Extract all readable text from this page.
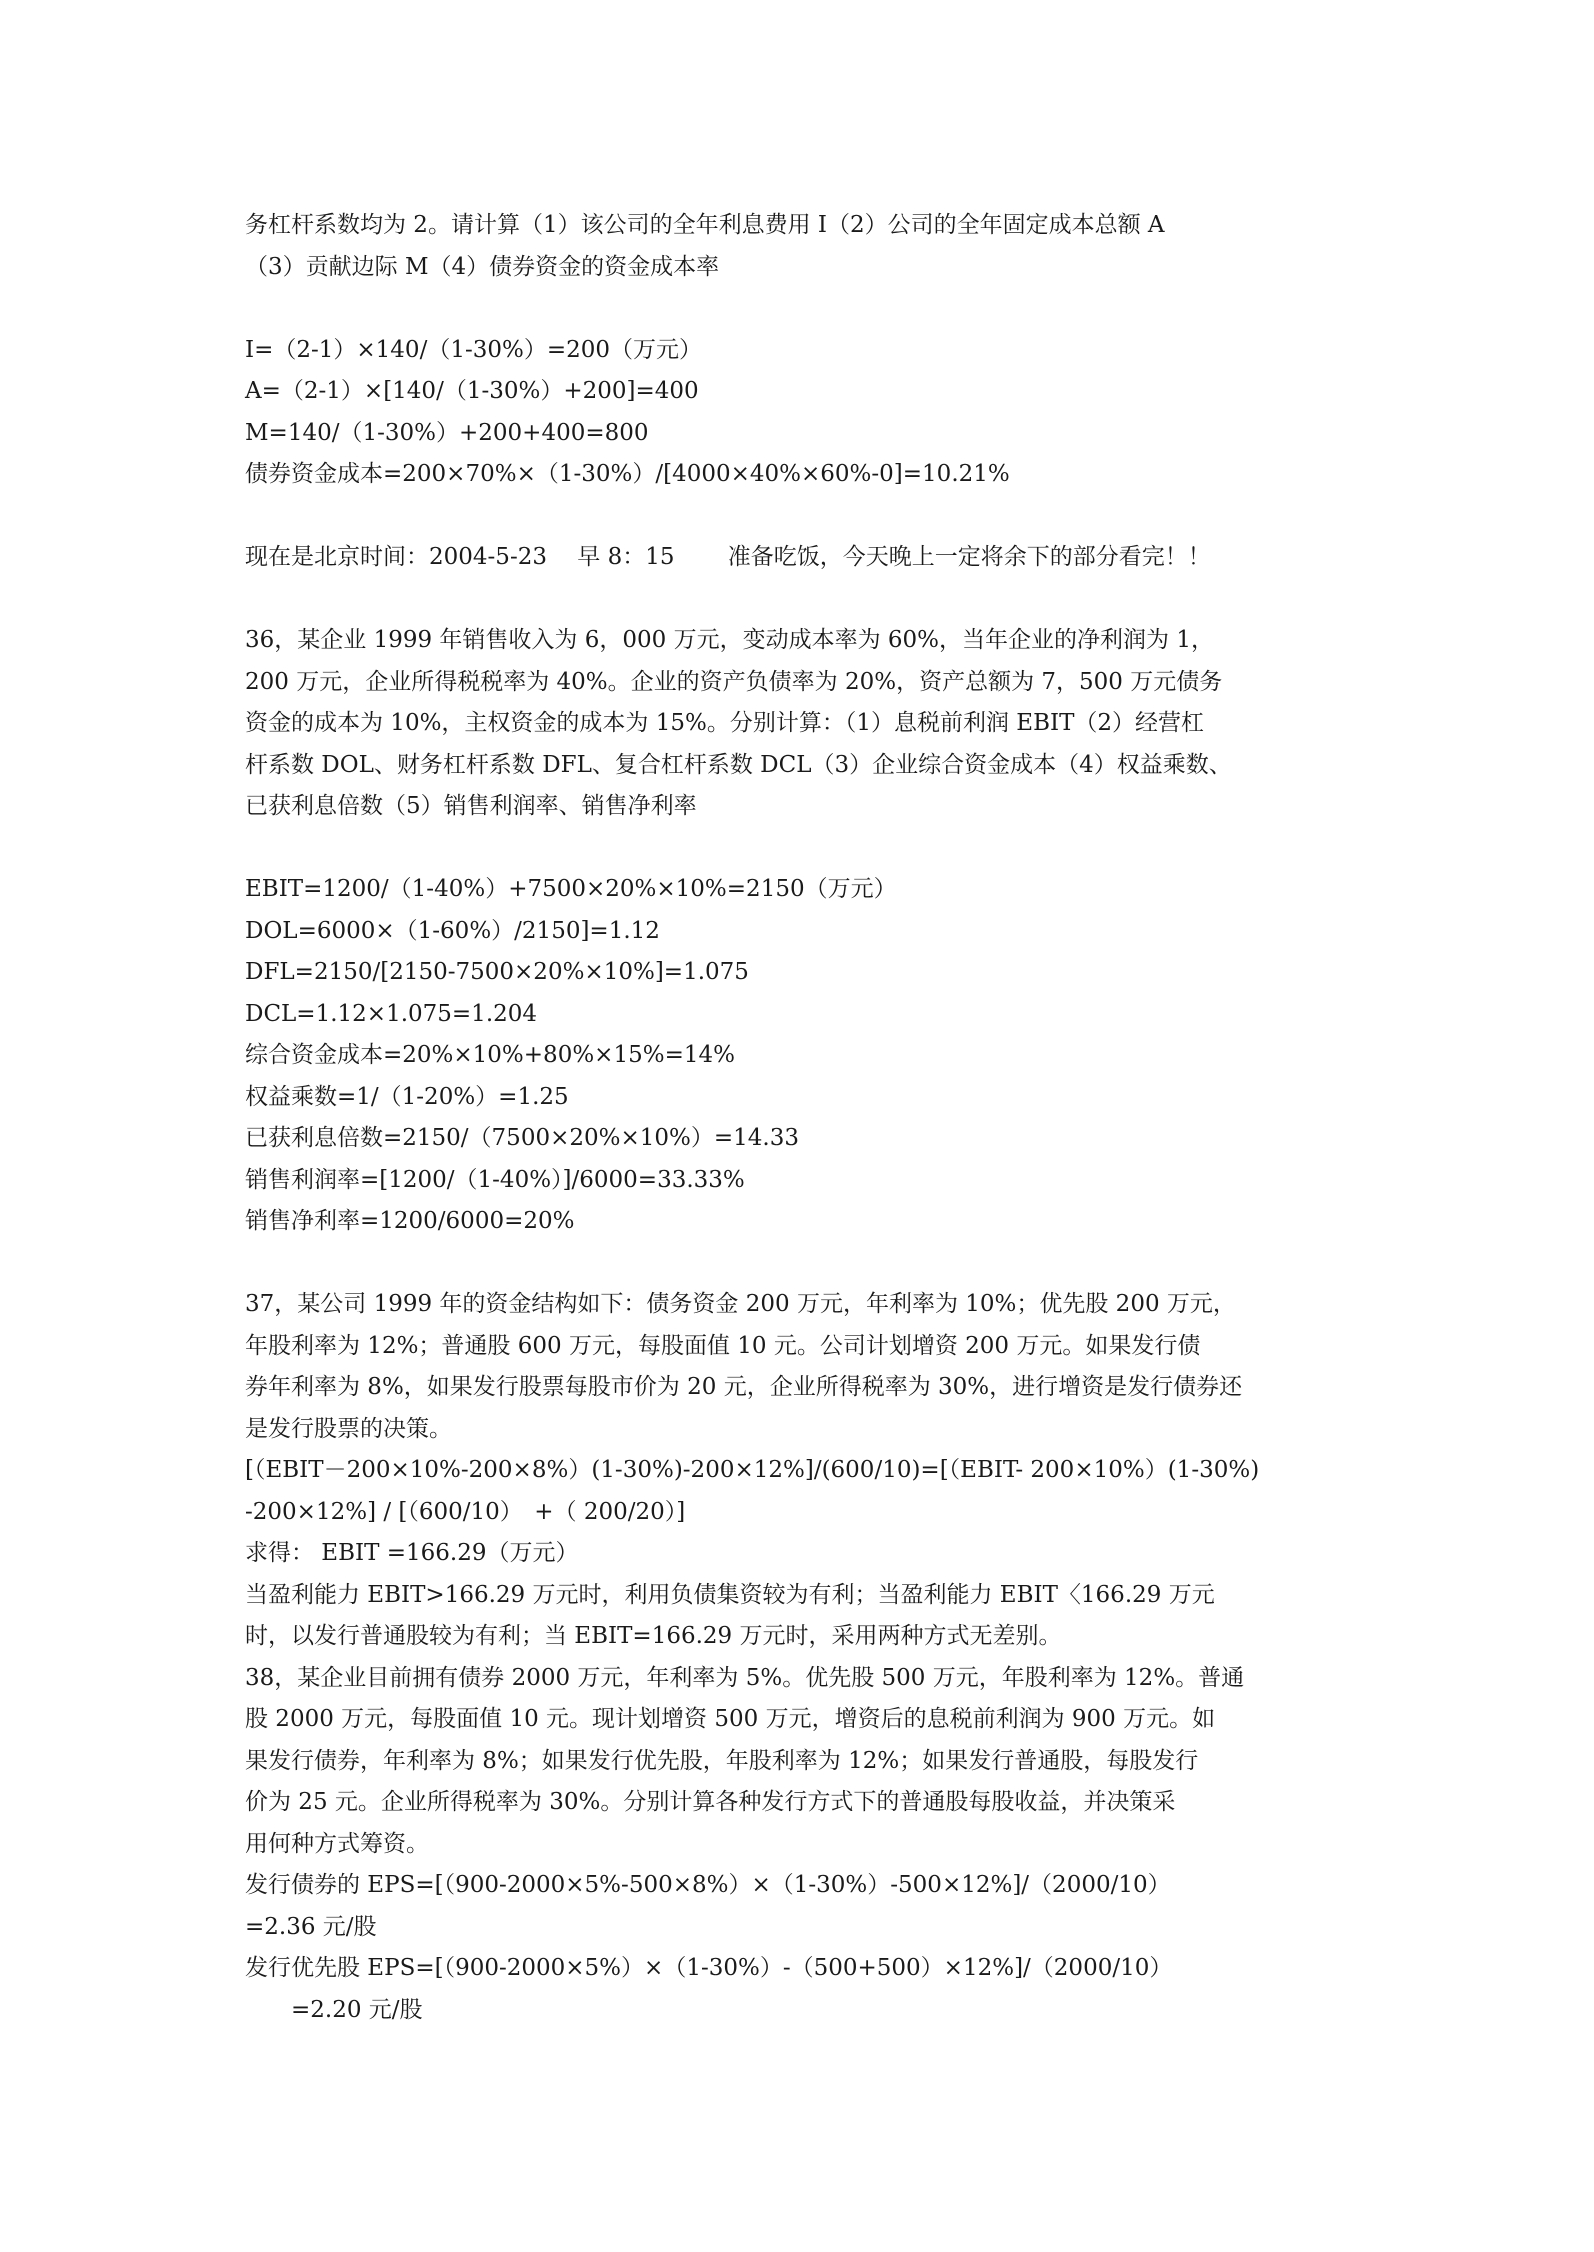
务杠杆系数均为 2。请计算（1）该公司的全年利息费用 I（2）公司的全年固定成本总额 A
（3）贡献边际 M（4）债券资金的资金成本率
I=（2-1）×140/（1-30%）=200（万元）
A=（2-1）×[140/（1-30%）+200]=400
M=140/（1-30%）+200+400=800
债券资金成本=200×70%×（1-30%）/[4000×40%×60%-0]=10.21%
现在是北京时间：2004-5-23　 早 8：15　　 准备吃饭，今天晚上一定将余下的部分看完！！
36，某企业 1999 年销售收入为 6，000 万元，变动成本率为 60%，当年企业的净利润为 1，
200 万元，企业所得税税率为 40%。企业的资产负债率为 20%，资产总额为 7，500 万元债务
资金的成本为 10%，主权资金的成本为 15%。分别计算：（1）息税前利润 EBIT（2）经营杠
杆系数 DOL、财务杠杆系数 DFL、复合杠杆系数 DCL（3）企业综合资金成本（4）权益乘数、
已获利息倍数（5）销售利润率、销售净利率
EBIT=1200/（1-40%）+7500×20%×10%=2150（万元）
DOL=6000×（1-60%）/2150]=1.12
DFL=2150/[2150-7500×20%×10%]=1.075
DCL=1.12×1.075=1.204
综合资金成本=20%×10%+80%×15%=14%
权益乘数=1/（1-20%）=1.25
已获利息倍数=2150/（7500×20%×10%）=14.33
销售利润率=[1200/（1-40%）]/6000=33.33%
销售净利率=1200/6000=20%
37，某公司 1999 年的资金结构如下：债务资金 200 万元，年利率为 10%；优先股 200 万元，
年股利率为 12%；普通股 600 万元，每股面值 10 元。公司计划增资 200 万元。如果发行债
券年利率为 8%，如果发行股票每股市价为 20 元，企业所得税率为 30%，进行增资是发行债券还
是发行股票的决策。
[（EBIT－200×10%-200×8%）(1-30%)-200×12%]/(600/10)=[（EBIT- 200×10%）(1-30%)
-200×12%] / [（600/10）　+（ 200/20）]
求得： EBIT =166.29（万元）
当盈利能力 EBIT>166.29 万元时，利用负债集资较为有利；当盈利能力 EBIT〈166.29 万元
时，以发行普通股较为有利；当 EBIT=166.29 万元时，采用两种方式无差别。
38，某企业目前拥有债券 2000 万元，年利率为 5%。优先股 500 万元，年股利率为 12%。普通
股 2000 万元，每股面值 10 元。现计划增资 500 万元，增资后的息税前利润为 900 万元。如
果发行债券，年利率为 8%；如果发行优先股，年股利率为 12%；如果发行普通股，每股发行
价为 25 元。企业所得税率为 30%。分别计算各种发行方式下的普通股每股收益，并决策采
用何种方式筹资。
发行债券的 EPS=[（900-2000×5%-500×8%）×（1-30%）-500×12%]/（2000/10）
=2.36 元/股
发行优先股 EPS=[（900-2000×5%）×（1-30%）-（500+500）×12%]/（2000/10）
　　=2.20 元/股
